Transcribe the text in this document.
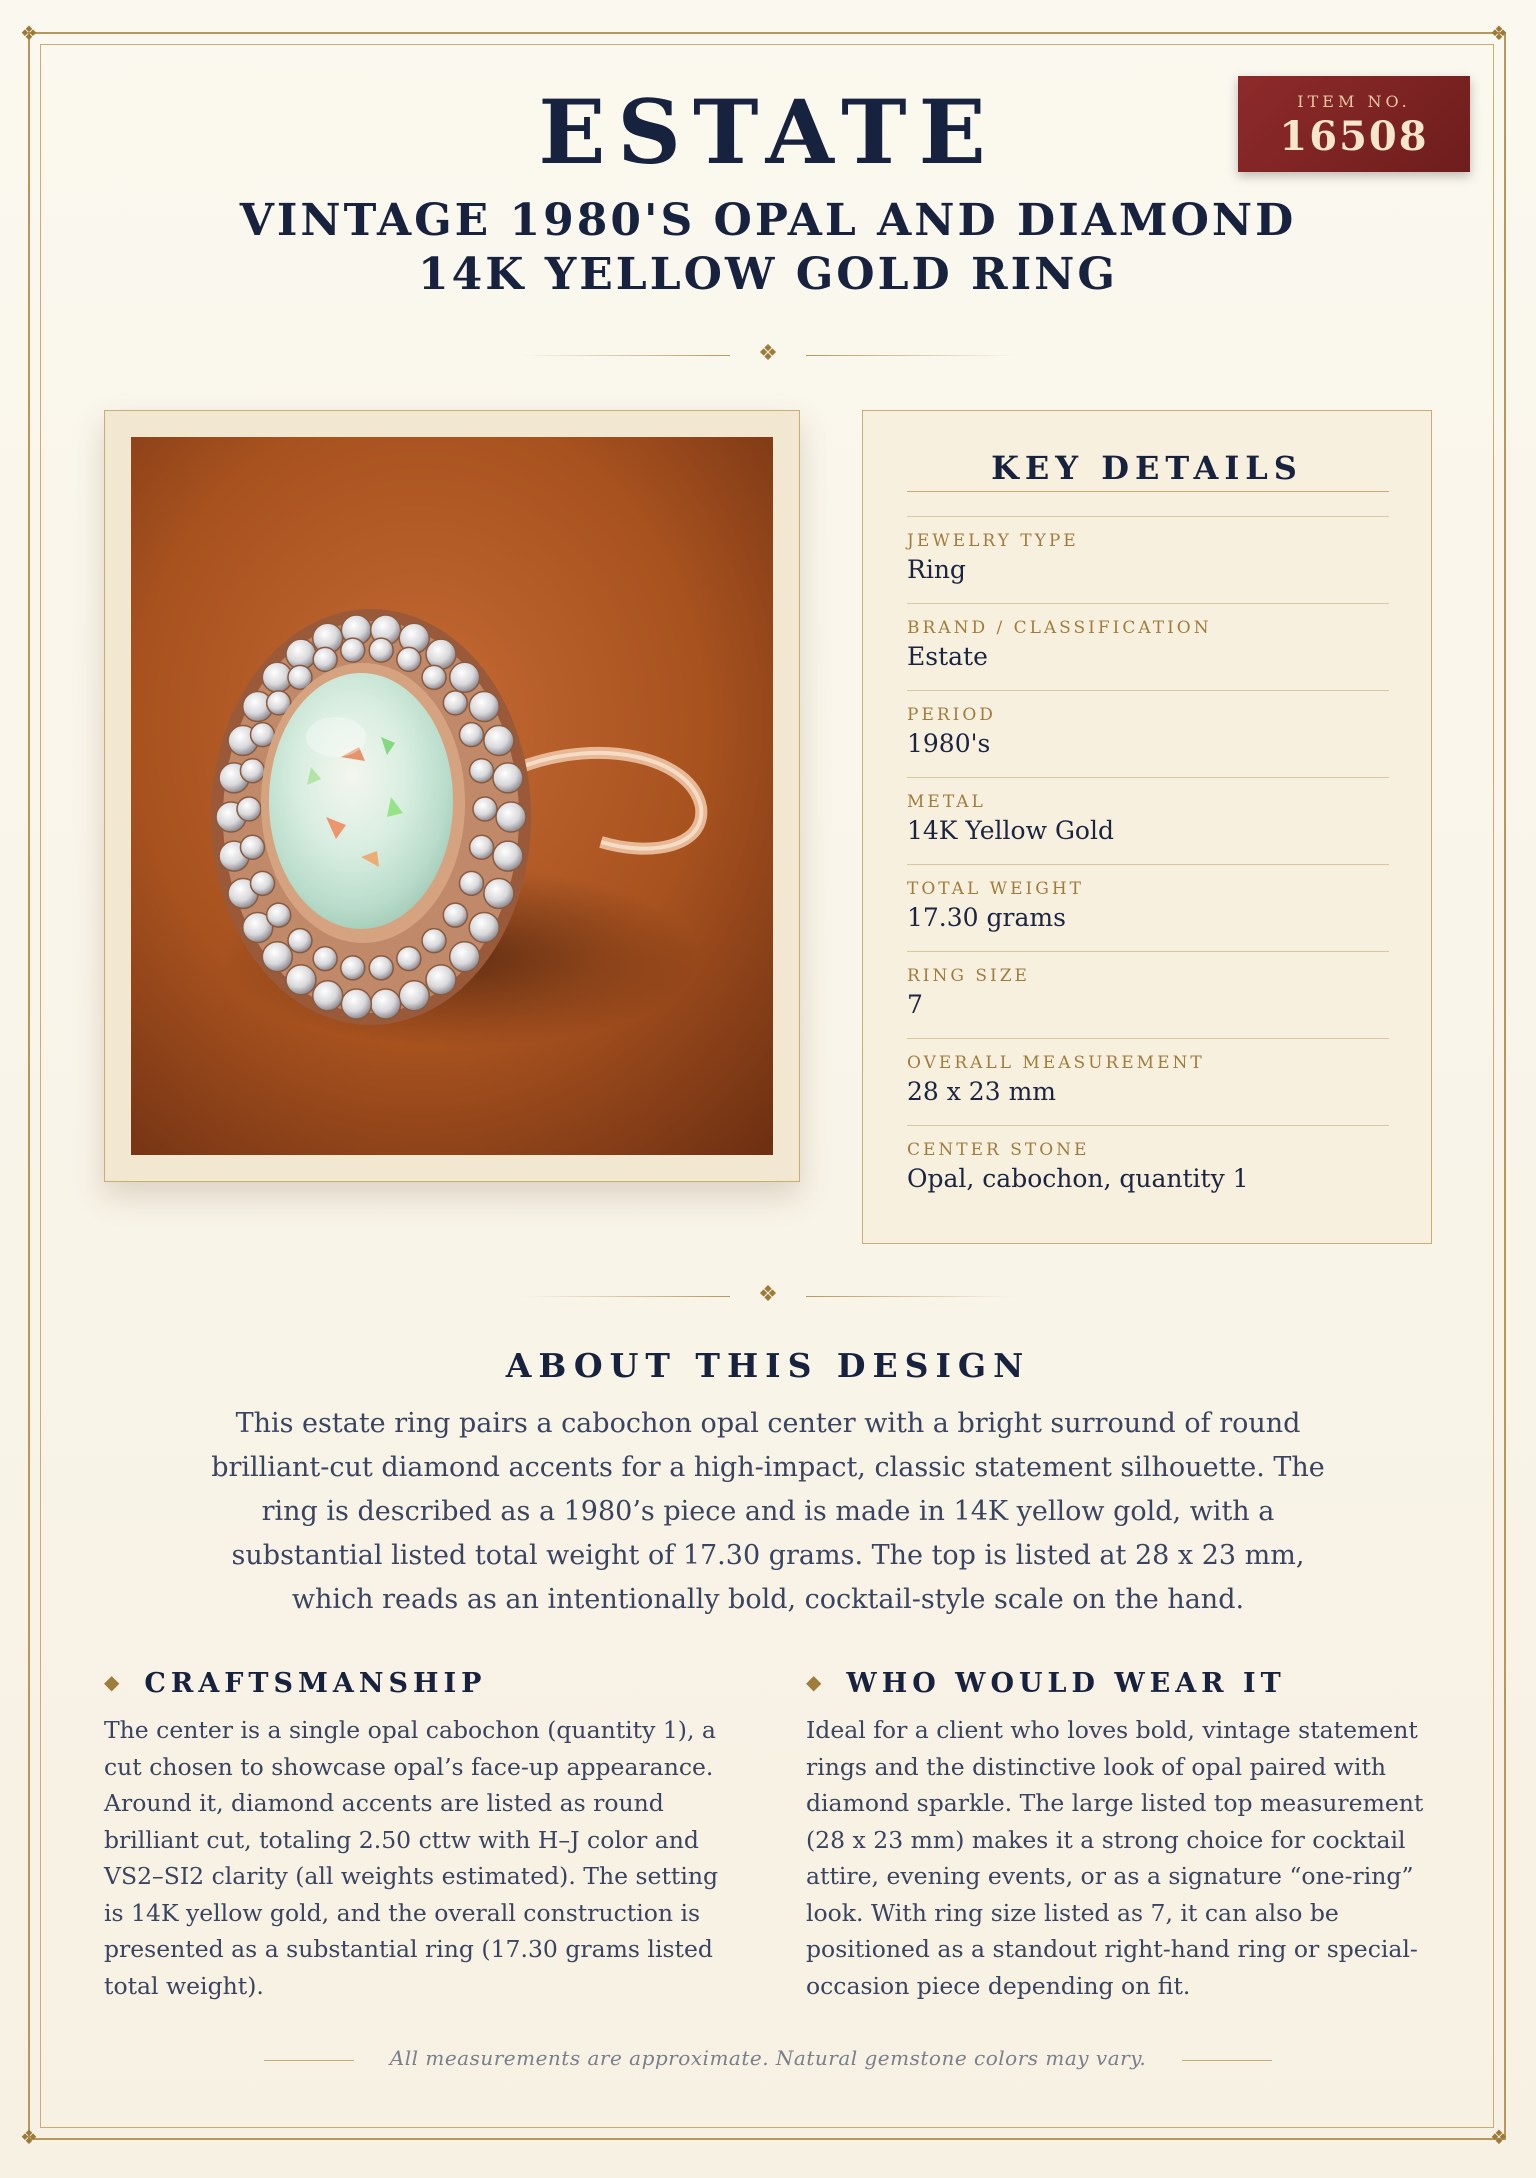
❖	❖
❖	❖
ESTATE
VINTAGE 1980'S OPAL AND DIAMOND
14K YELLOW GOLD RING
ITEM NO.
16508
❖
KEY DETAILS
JEWELRY TYPE
Ring
BRAND / CLASSIFICATION
Estate
PERIOD
1980's
METAL
14K Yellow Gold
TOTAL WEIGHT
17.30 grams
RING SIZE
7
OVERALL MEASUREMENT
28 x 23 mm
CENTER STONE
Opal, cabochon, quantity 1
❖
ABOUT THIS DESIGN
This estate ring pairs a cabochon opal center with a bright surround of round brilliant-cut diamond accents for a high-impact, classic statement silhouette. The ring is described as a 1980’s piece and is made in 14K yellow gold, with a substantial listed total weight of 17.30 grams. The top is listed at 28 x 23 mm, which reads as an intentionally bold, cocktail-style scale on the hand.
◆ CRAFTSMANSHIP
The center is a single opal cabochon (quantity 1), a cut chosen to showcase opal’s face-up appearance. Around it, diamond accents are listed as round brilliant cut, totaling 2.50 cttw with H–J color and VS2–SI2 clarity (all weights estimated). The setting is 14K yellow gold, and the overall construction is presented as a substantial ring (17.30 grams listed total weight).
◆ WHO WOULD WEAR IT
Ideal for a client who loves bold, vintage statement rings and the distinctive look of opal paired with diamond sparkle. The large listed top measurement (28 x 23 mm) makes it a strong choice for cocktail attire, evening events, or as a signature “one-ring” look. With ring size listed as 7, it can also be positioned as a standout right-hand ring or special-occasion piece depending on fit.
All measurements are approximate. Natural gemstone colors may vary.
